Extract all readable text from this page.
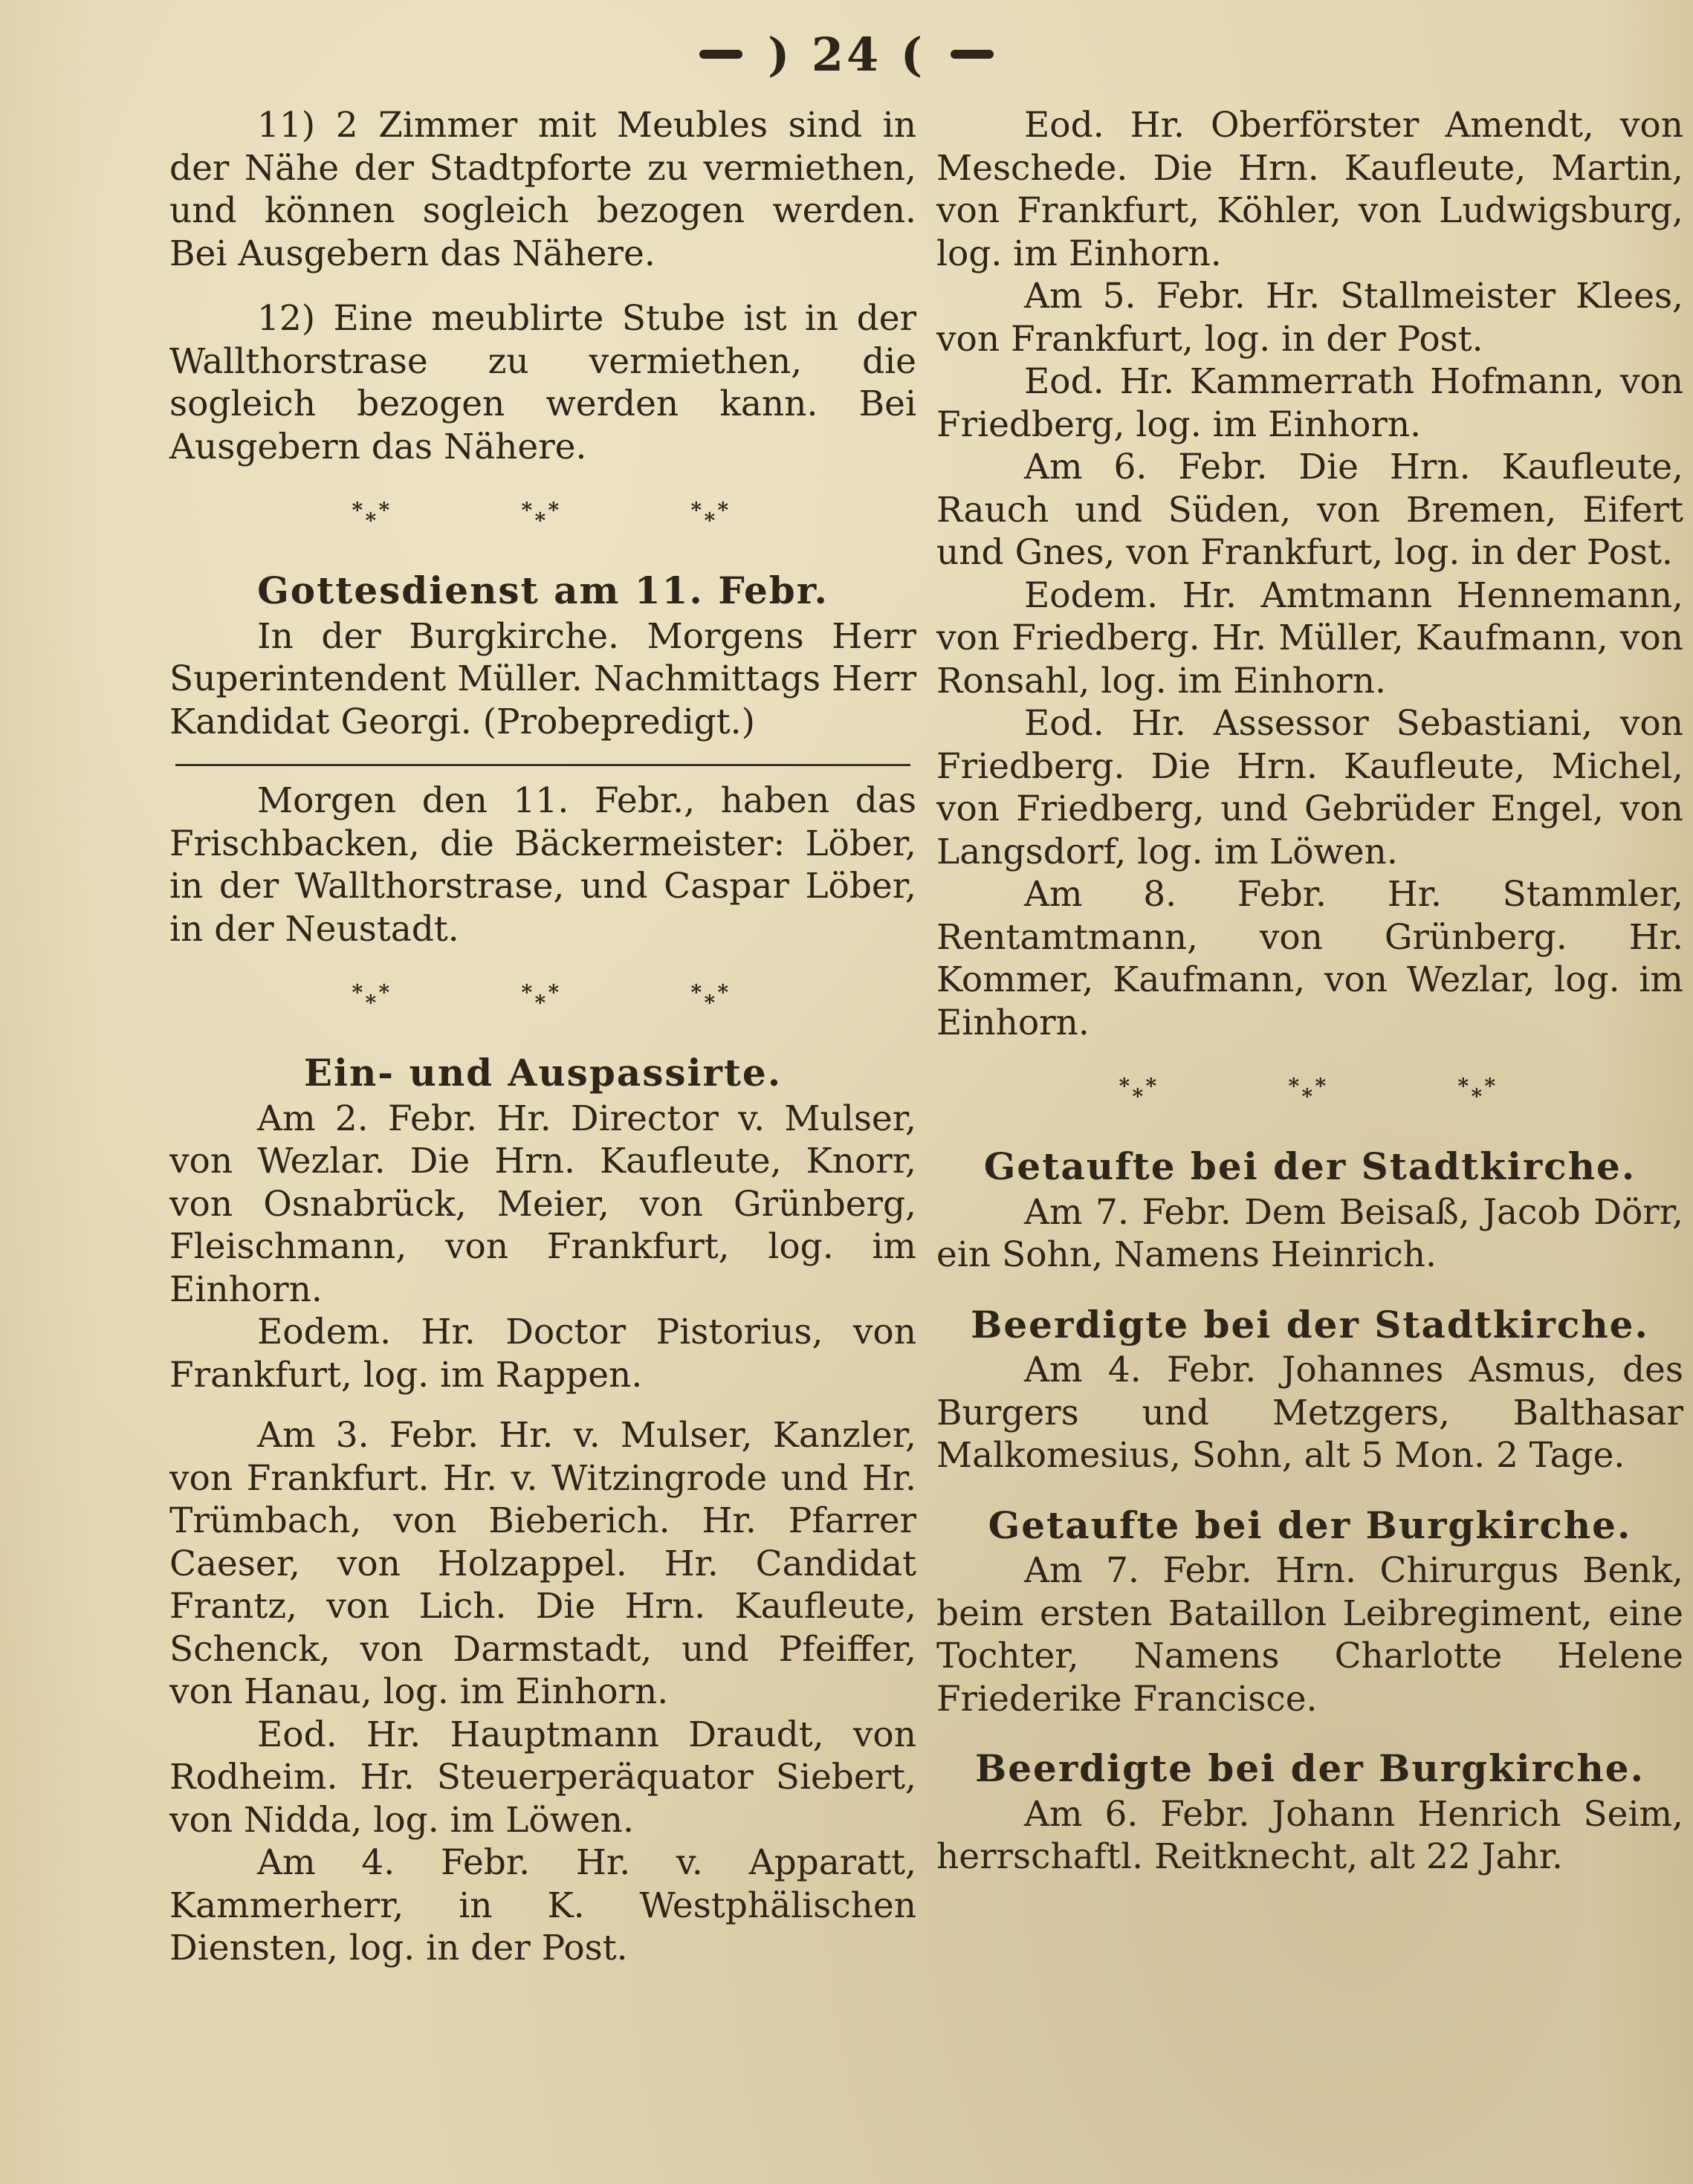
) 24 (

11) 2 Zimmer mit Meubles sind in der Nähe der Stadtpforte zu vermiethen, und können sogleich bezogen werden. Bei Ausgebern das Nähere.

12) Eine meublirte Stube ist in der Wallthorstrase zu vermiethen, die sogleich bezogen werden kann. Bei Ausgebern das Nähere.

* * *	* * *	* * *
Gottesdienst am 11. Febr.

In der Burgkirche. Morgens Herr Superintendent Müller. Nachmittags Herr Kandidat Georgi. (Probepredigt.)

Morgen den 11. Febr., haben das Frischbacken, die Bäckermeister: Löber, in der Wallthorstrase, und Caspar Löber, in der Neustadt.

* * *	* * *	* * *
Ein- und Auspassirte.

Am 2. Febr. Hr. Director v. Mulser, von Wezlar. Die Hrn. Kaufleute, Knorr, von Osnabrück, Meier, von Grünberg, Fleischmann, von Frankfurt, log. im Einhorn.

Eodem. Hr. Doctor Pistorius, von Frankfurt, log. im Rappen.

Am 3. Febr. Hr. v. Mulser, Kanzler, von Frankfurt. Hr. v. Witzingrode und Hr. Trümbach, von Bieberich. Hr. Pfarrer Caeser, von Holzappel. Hr. Candidat Frantz, von Lich. Die Hrn. Kaufleute, Schenck, von Darmstadt, und Pfeiffer, von Hanau, log. im Einhorn.

Eod. Hr. Hauptmann Draudt, von Rodheim. Hr. Steuerperäquator Siebert, von Nidda, log. im Löwen.

Am 4. Febr. Hr. v. Apparatt, Kammerherr, in K. Westphälischen Diensten, log. in der Post.

Eod. Hr. Oberförster Amendt, von Meschede. Die Hrn. Kaufleute, Martin, von Frankfurt, Köhler, von Ludwigsburg, log. im Einhorn.

Am 5. Febr. Hr. Stallmeister Klees, von Frankfurt, log. in der Post.

Eod. Hr. Kammerrath Hofmann, von Friedberg, log. im Einhorn.

Am 6. Febr. Die Hrn. Kaufleute, Rauch und Süden, von Bremen, Eifert und Gnes, von Frankfurt, log. in der Post.

Eodem. Hr. Amtmann Hennemann, von Friedberg. Hr. Müller, Kaufmann, von Ronsahl, log. im Einhorn.

Eod. Hr. Assessor Sebastiani, von Friedberg. Die Hrn. Kaufleute, Michel, von Friedberg, und Gebrüder Engel, von Langsdorf, log. im Löwen.

Am 8. Febr. Hr. Stammler, Rentamtmann, von Grünberg. Hr. Kommer, Kaufmann, von Wezlar, log. im Einhorn.

* * *	* * *	* * *
Getaufte bei der Stadtkirche.

Am 7. Febr. Dem Beisaß, Jacob Dörr, ein Sohn, Namens Heinrich.

Beerdigte bei der Stadtkirche.

Am 4. Febr. Johannes Asmus, des Burgers und Metzgers, Balthasar Malkomesius, Sohn, alt 5 Mon. 2 Tage.

Getaufte bei der Burgkirche.

Am 7. Febr. Hrn. Chirurgus Benk, beim ersten Bataillon Leibregiment, eine Tochter, Namens Charlotte Helene Friederike Francisce.

Beerdigte bei der Burgkirche.

Am 6. Febr. Johann Henrich Seim, herrschaftl. Reitknecht, alt 22 Jahr.
